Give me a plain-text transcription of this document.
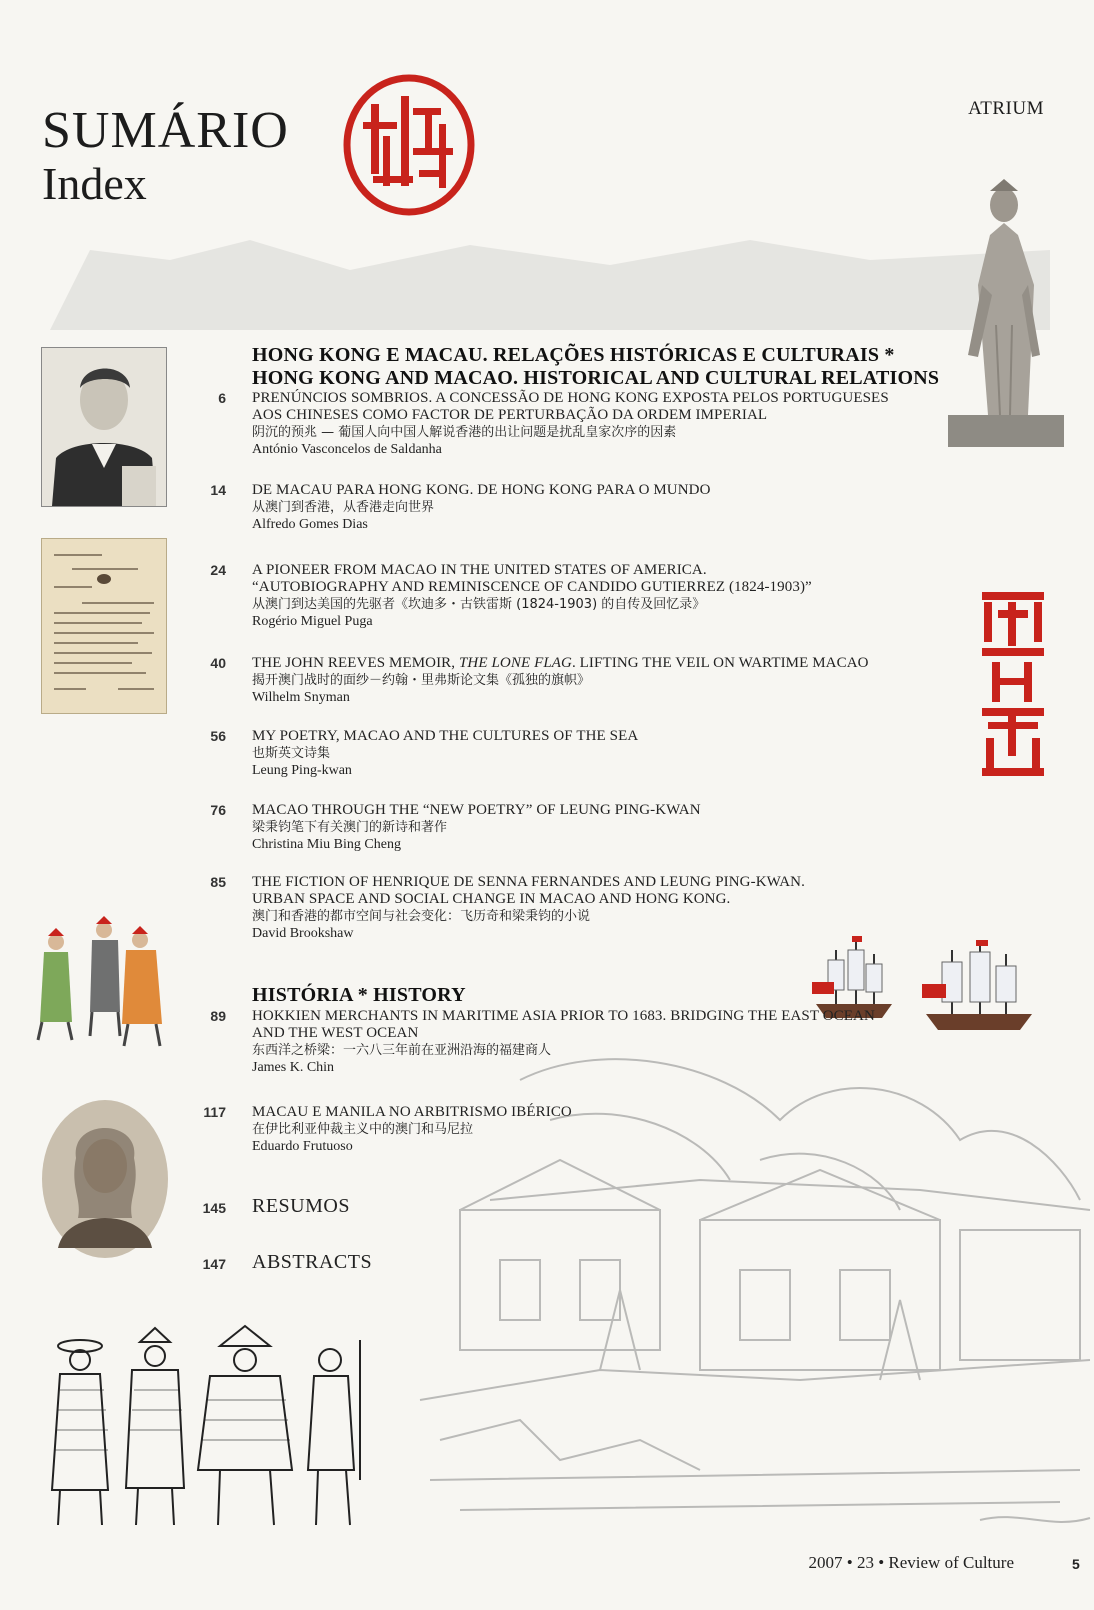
SUMÁRIO
Index
ATRIUM
HONG KONG E MACAU. RELAÇÕES HISTÓRICAS E CULTURAIS *
HONG KONG AND MACAO. HISTORICAL AND CULTURAL RELATIONS
6 PRENÚNCIOS SOMBRIOS. A CONCESSÃO DE HONG KONG EXPOSTA PELOS PORTUGUESES
AOS CHINESES COMO FACTOR DE PERTURBAÇÃO DA ORDEM IMPERIAL
阴沉的预兆 — 葡国人向中国人解说香港的出让问题是扰乱皇家次序的因素
António Vasconcelos de Saldanha
14 DE MACAU PARA HONG KONG. DE HONG KONG PARA O MUNDO
从澳门到香港，从香港走向世界
Alfredo Gomes Dias
24 A PIONEER FROM MACAO IN THE UNITED STATES OF AMERICA.
“AUTOBIOGRAPHY AND REMINISCENCE OF CANDIDO GUTIERREZ (1824-1903)”
从澳门到达美国的先驱者《坎迪多・古铁雷斯 (1824-1903) 的自传及回忆录》
Rogério Miguel Puga
40 THE JOHN REEVES MEMOIR, THE LONE FLAG. LIFTING THE VEIL ON WARTIME MACAO
揭开澳门战时的面纱－约翰・里弗斯论文集《孤独的旗帜》
Wilhelm Snyman
56 MY POETRY, MACAO AND THE CULTURES OF THE SEA
也斯英文诗集
Leung Ping-kwan
76 MACAO THROUGH THE “NEW POETRY” OF LEUNG PING-KWAN
梁秉钧笔下有关澳门的新诗和著作
Christina Miu Bing Cheng
85 THE FICTION OF HENRIQUE DE SENNA FERNANDES AND LEUNG PING-KWAN.
URBAN SPACE AND SOCIAL CHANGE IN MACAO AND HONG KONG.
澳门和香港的都市空间与社会变化：飞历奇和梁秉钧的小说
David Brookshaw
HISTÓRIA * HISTORY
89 HOKKIEN MERCHANTS IN MARITIME ASIA PRIOR TO 1683. BRIDGING THE EAST OCEAN
AND THE WEST OCEAN
东西洋之桥梁：一六八三年前在亚洲沿海的福建商人
James K. Chin
117 MACAU E MANILA NO ARBITRISMO IBÉRICO
在伊比利亚仲裁主义中的澳门和马尼拉
Eduardo Frutuoso
145 RESUMOS
147 ABSTRACTS
2007 • 23 • Review of Culture	5
